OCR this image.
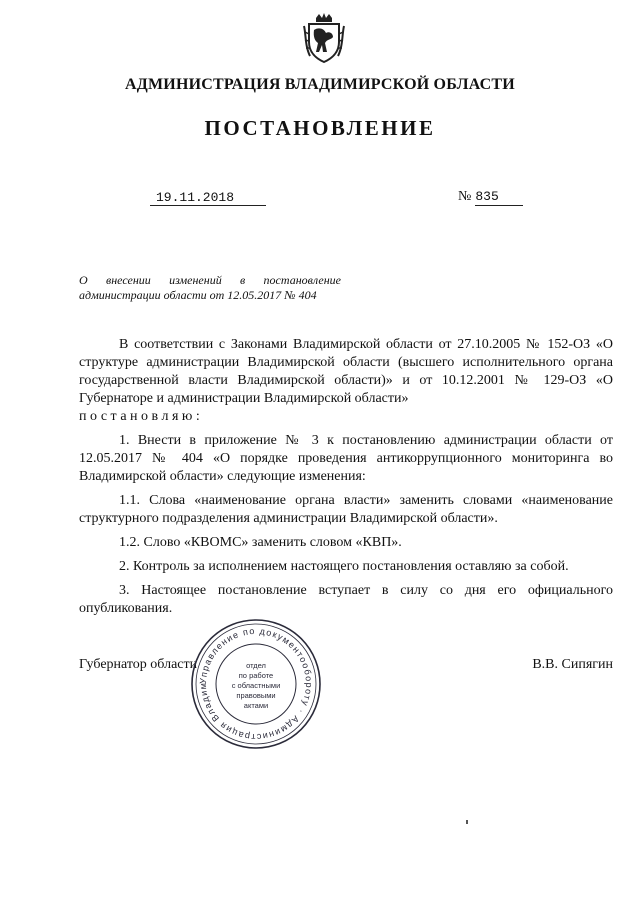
АДМИНИСТРАЦИЯ ВЛАДИМИРСКОЙ ОБЛАСТИ
ПОСТАНОВЛЕНИЕ
19.11.2018	№ 835
О внесении изменений в постановление
администрации области от 12.05.2017 № 404

В соответствии с Законами Владимирской области от 27.10.2005 № 152-ОЗ «О структуре администрации Владимирской области (высшего исполнительного органа государственной власти Владимирской области)» и от 10.12.2001 № 129-ОЗ «О Губернаторе и администрации Владимирской области»

постановляю:

1. Внести в приложение № 3 к постановлению администрации области от 12.05.2017 № 404 «О порядке проведения антикоррупционного мониторинга во Владимирской области» следующие изменения:

1.1. Слова «наименование органа власти» заменить словами «наименование структурного подразделения администрации Владимирской области».

1.2. Слово «КВОМС» заменить словом «КВП».

2. Контроль за исполнением настоящего постановления оставляю за собой.

3. Настоящее постановление вступает в силу со дня его официального опубликования.

Губернатор области	В.В. Сипягин
Управление по документообороту · Администрация Владим
отдел
по работе
с областными
правовыми
актами
